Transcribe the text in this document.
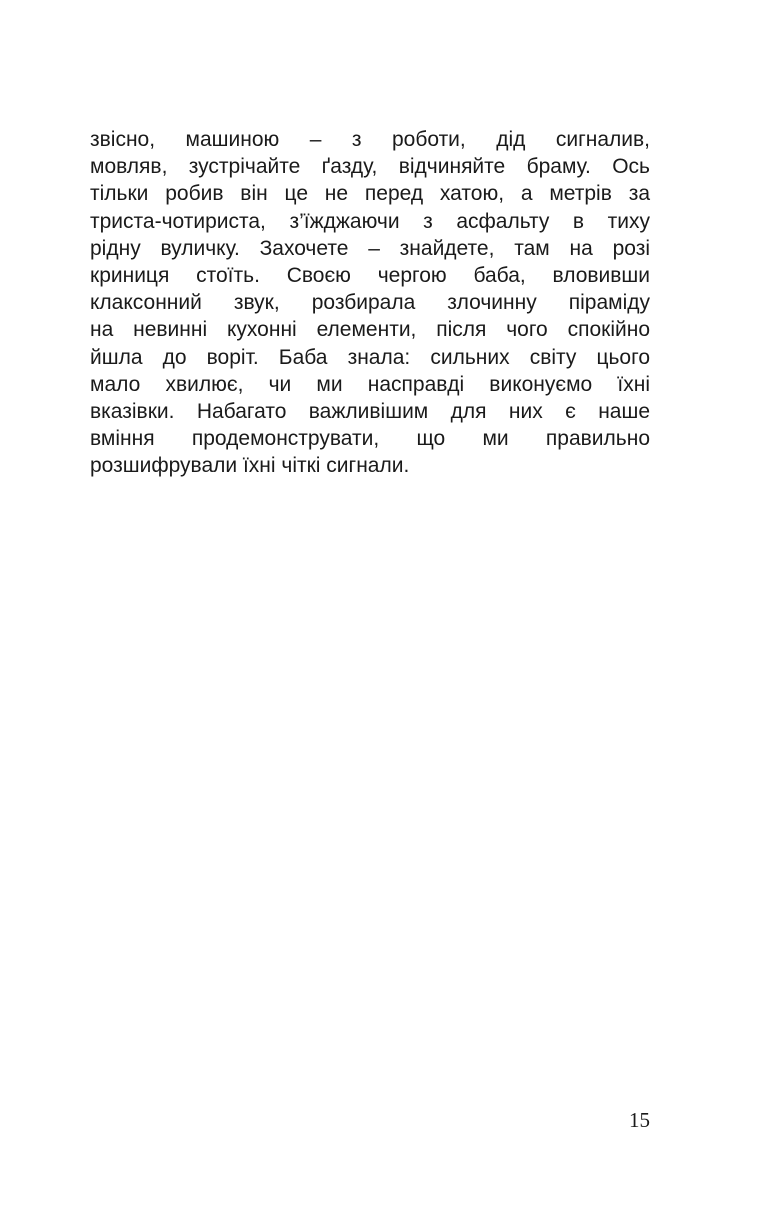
звісно, машиною – з роботи, дід сигналив,
мовляв, зустрічайте ґазду, відчиняйте браму. Ось
тільки робив він це не перед хатою, а метрів за
триста-чотириста, з’їжджаючи з асфальту в тиху
рідну вуличку. Захочете – знайдете, там на розі
криниця стоїть. Своєю чергою баба, вловивши
клаксонний звук, розбирала злочинну піраміду
на невинні кухонні елементи, після чого спокійно
йшла до воріт. Баба знала: сильних світу цього
мало хвилює, чи ми насправді виконуємо їхні
вказівки. Набагато важливішим для них є наше
вміння продемонструвати, що ми правильно
розшифрували їхні чіткі сигнали.
15
